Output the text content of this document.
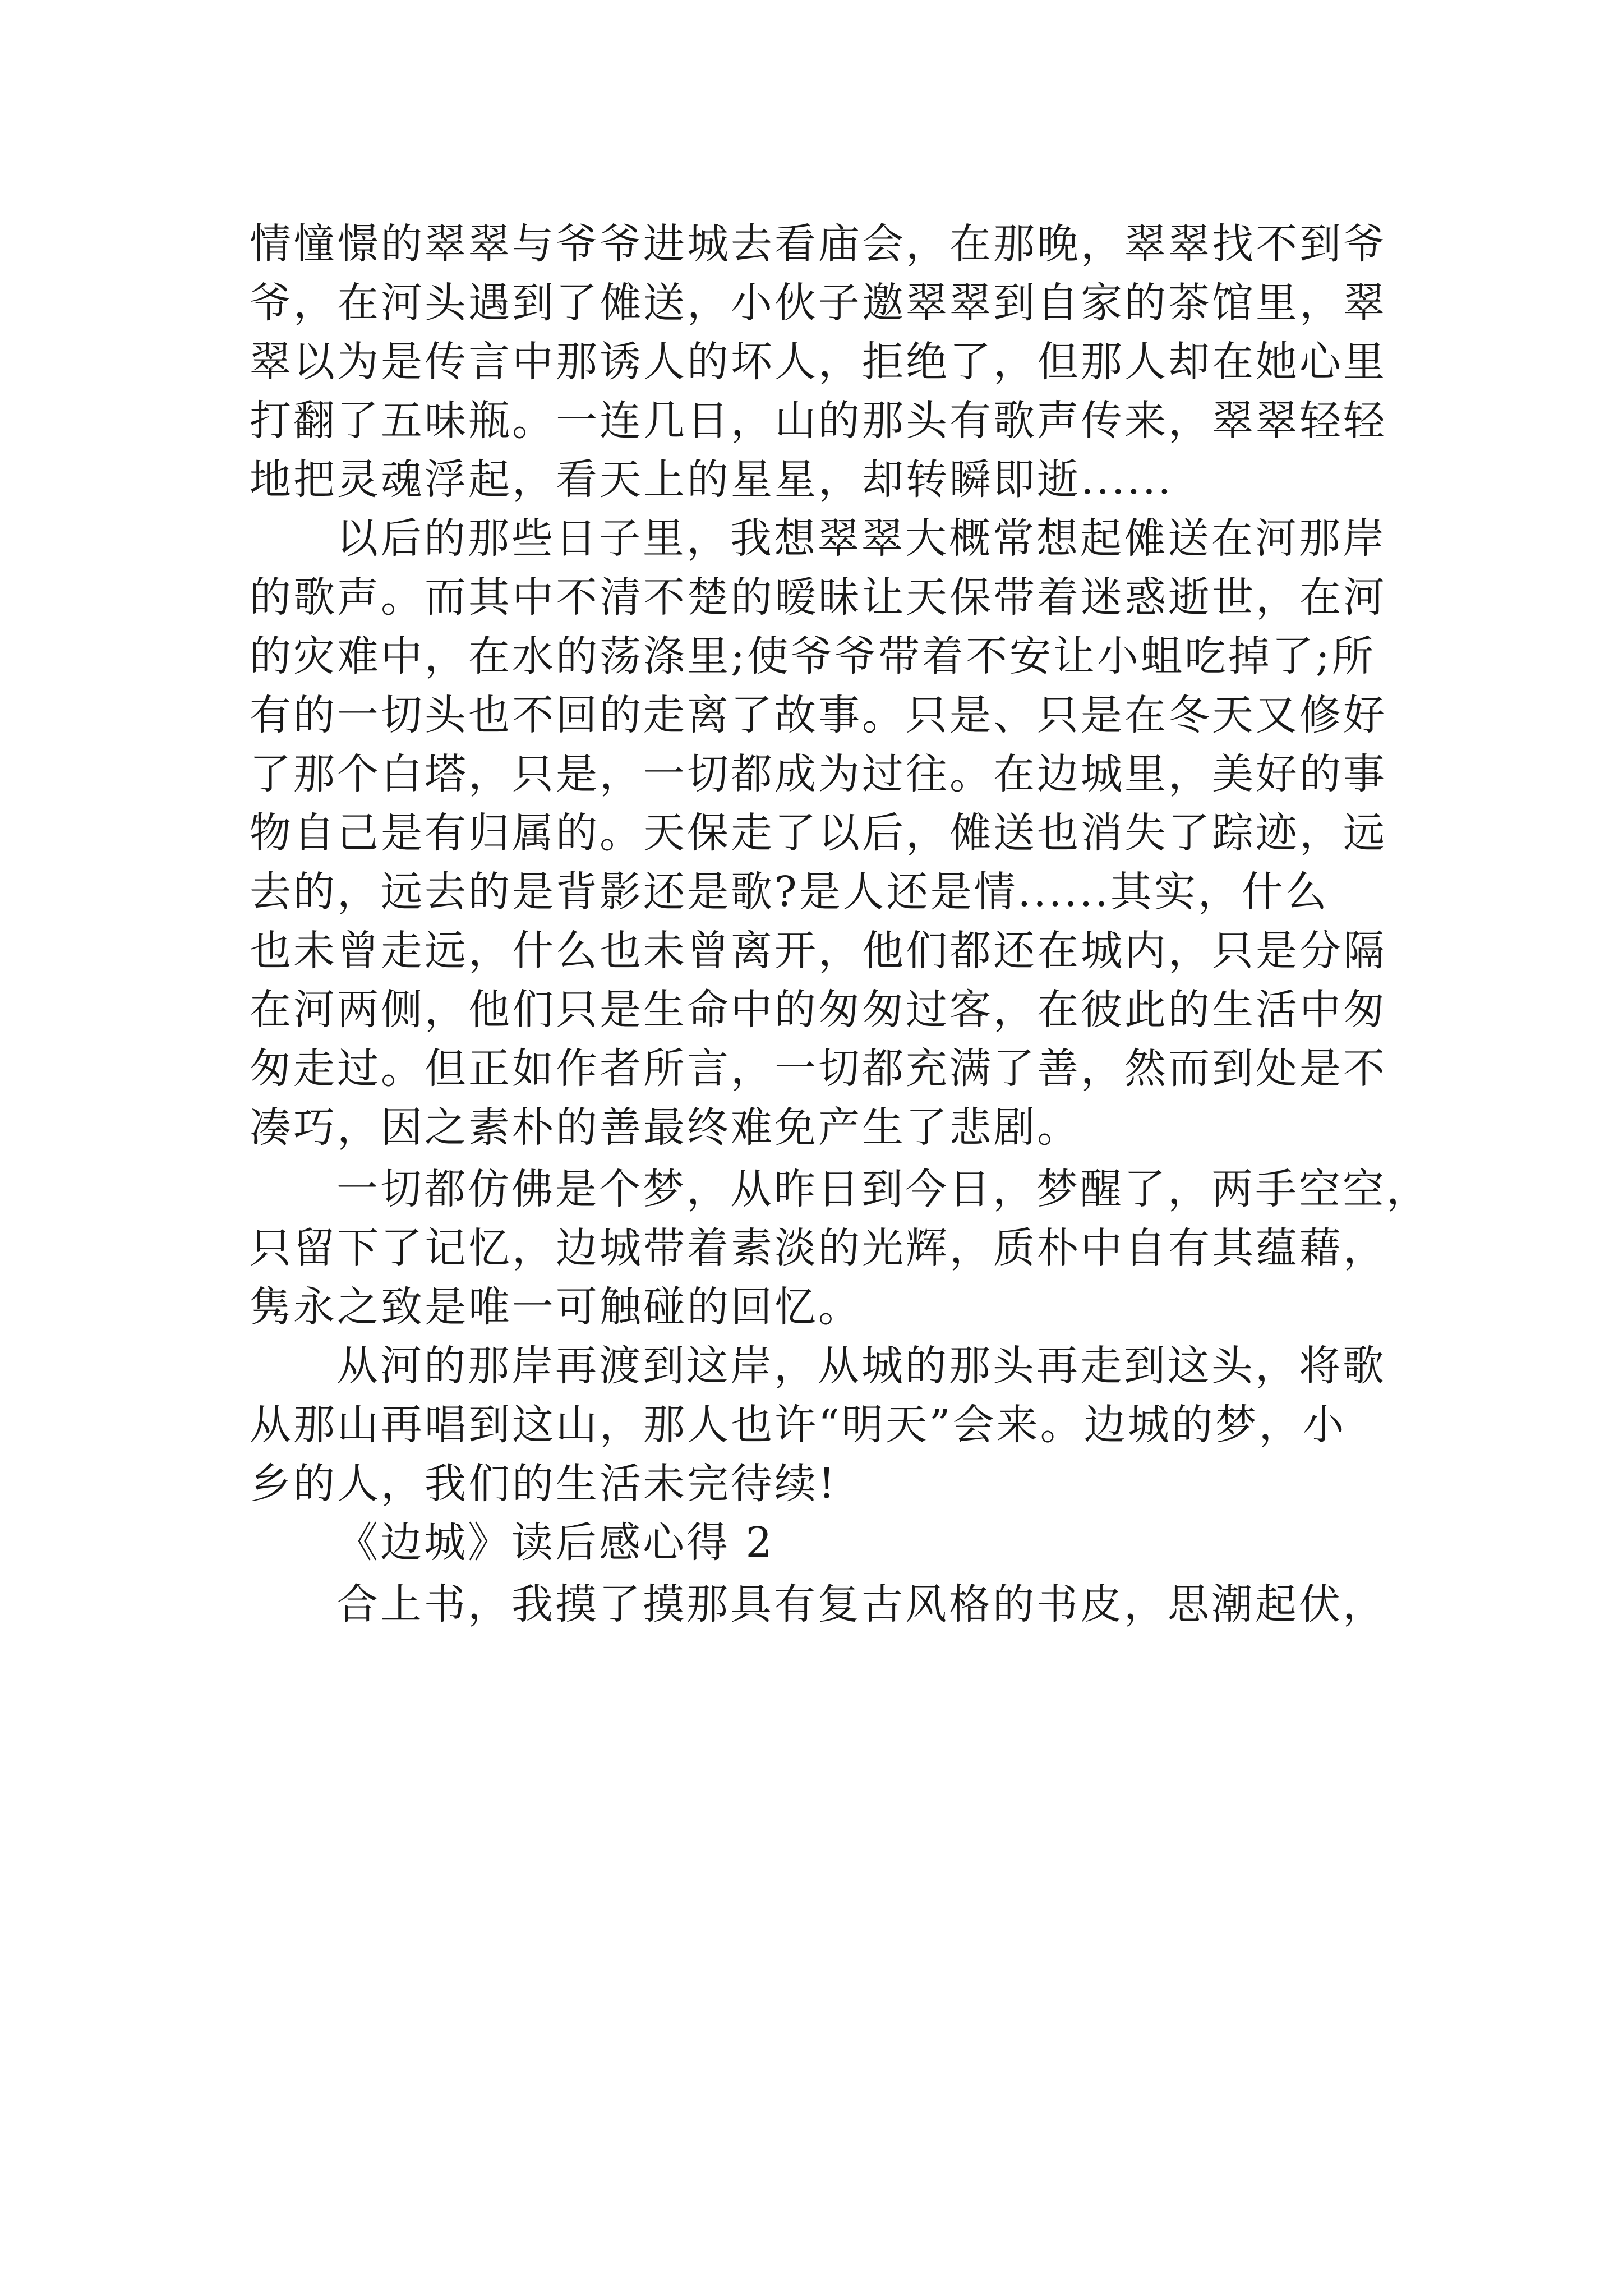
情憧憬的翠翠与爷爷进城去看庙会，在那晚，翠翠找不到爷
爷，在河头遇到了傩送，小伙子邀翠翠到自家的茶馆里，翠
翠以为是传言中那诱人的坏人，拒绝了，但那人却在她心里
打翻了五味瓶。一连几日，山的那头有歌声传来，翠翠轻轻
地把灵魂浮起，看天上的星星，却转瞬即逝......
以后的那些日子里，我想翠翠大概常想起傩送在河那岸
的歌声。而其中不清不楚的暧昧让天保带着迷惑逝世，在河
的灾难中，在水的荡涤里;使爷爷带着不安让小蛆吃掉了;所
有的一切头也不回的走离了故事。只是、只是在冬天又修好
了那个白塔，只是，一切都成为过往。在边城里，美好的事
物自己是有归属的。天保走了以后，傩送也消失了踪迹，远
去的，远去的是背影还是歌?是人还是情......其实，什么
也未曾走远，什么也未曾离开，他们都还在城内，只是分隔
在河两侧，他们只是生命中的匆匆过客，在彼此的生活中匆
匆走过。但正如作者所言，一切都充满了善，然而到处是不
凑巧，因之素朴的善最终难免产生了悲剧。
一切都仿佛是个梦，从昨日到今日，梦醒了，两手空空，
只留下了记忆，边城带着素淡的光辉，质朴中自有其蕴藉，
隽永之致是唯一可触碰的回忆。
从河的那岸再渡到这岸，从城的那头再走到这头，将歌
从那山再唱到这山，那人也许“明天”会来。边城的梦，小
乡的人，我们的生活未完待续!
《边城》读后感心得 2
合上书，我摸了摸那具有复古风格的书皮，思潮起伏，
